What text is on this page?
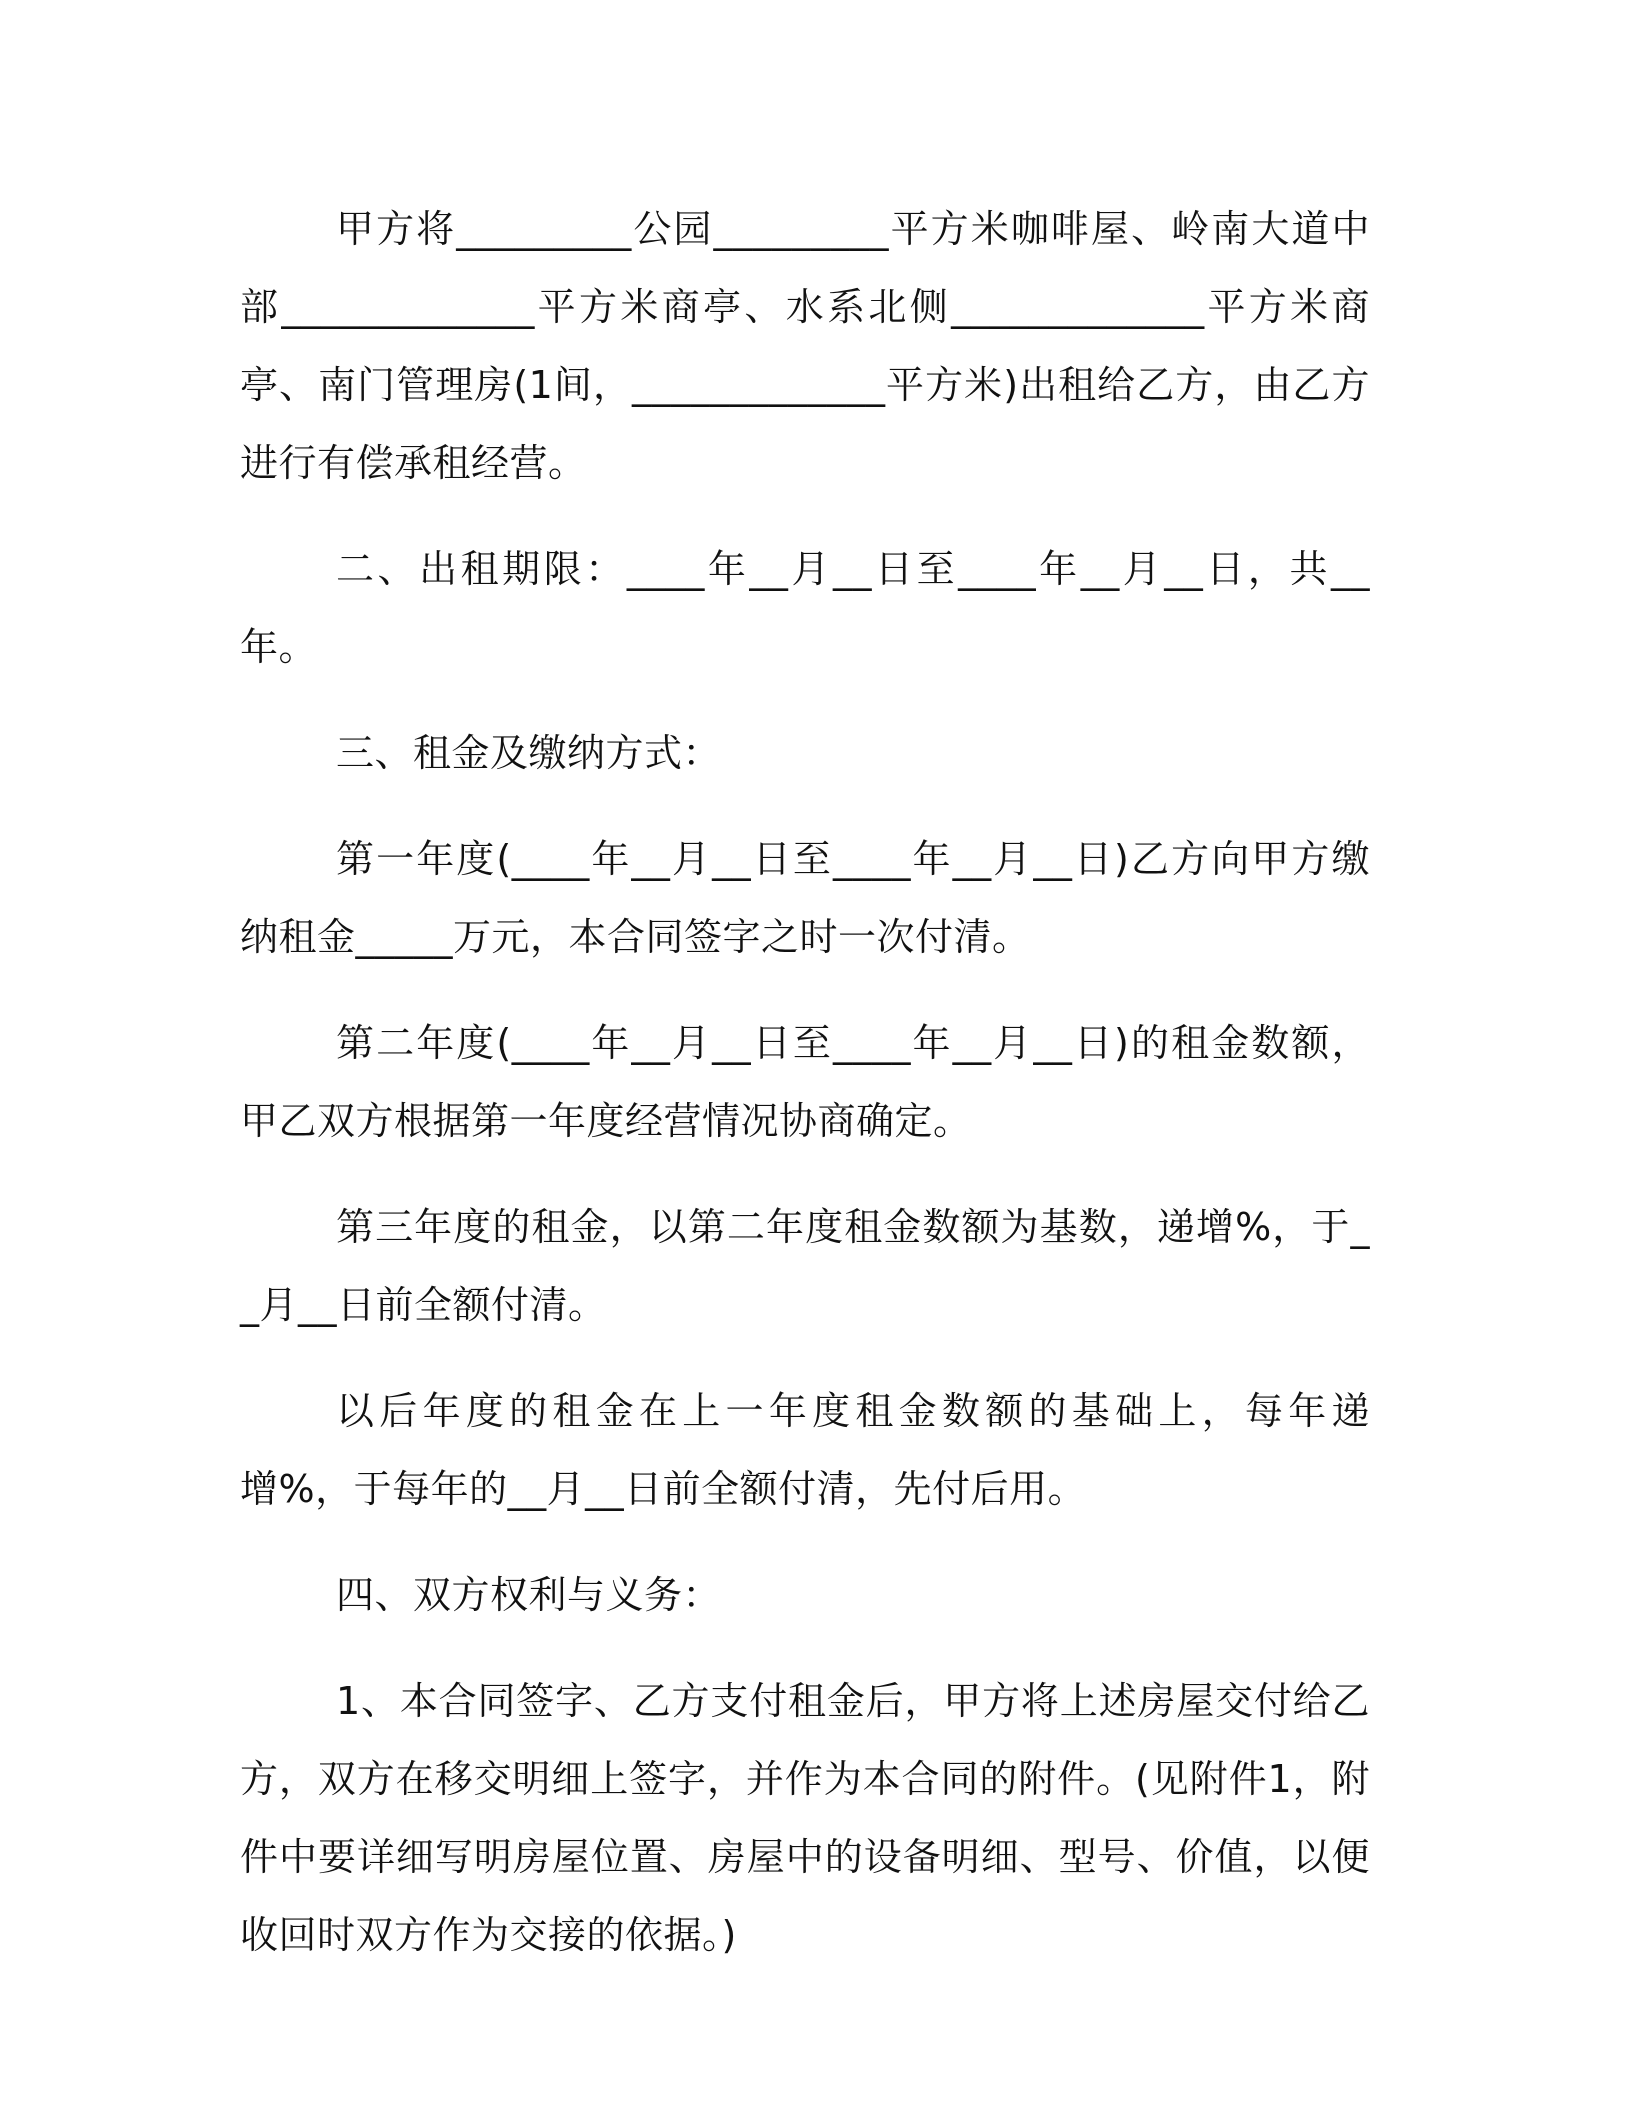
甲方将_________公园_________平方米咖啡屋、岭南大道中部_____________平方米商亭、水系北侧_____________平方米商亭、南门管理房(1间，_____________平方米)出租给乙方，由乙方进行有偿承租经营。

二、出租期限：____年__月__日至____年__月__日，共__年。

三、租金及缴纳方式：

第一年度(____年__月__日至____年__月__日)乙方向甲方缴纳租金_____万元，本合同签字之时一次付清。

第二年度(____年__月__日至____年__月__日)的租金数额，甲乙双方根据第一年度经营情况协商确定。

第三年度的租金，以第二年度租金数额为基数，递增%，于__月__日前全额付清。

以后年度的租金在上一年度租金数额的基础上，每年递增%，于每年的__月__日前全额付清，先付后用。

四、双方权利与义务：

1、本合同签字、乙方支付租金后，甲方将上述房屋交付给乙方，双方在移交明细上签字，并作为本合同的附件。(见附件1，附件中要详细写明房屋位置、房屋中的设备明细、型号、价值，以便收回时双方作为交接的依据。)
